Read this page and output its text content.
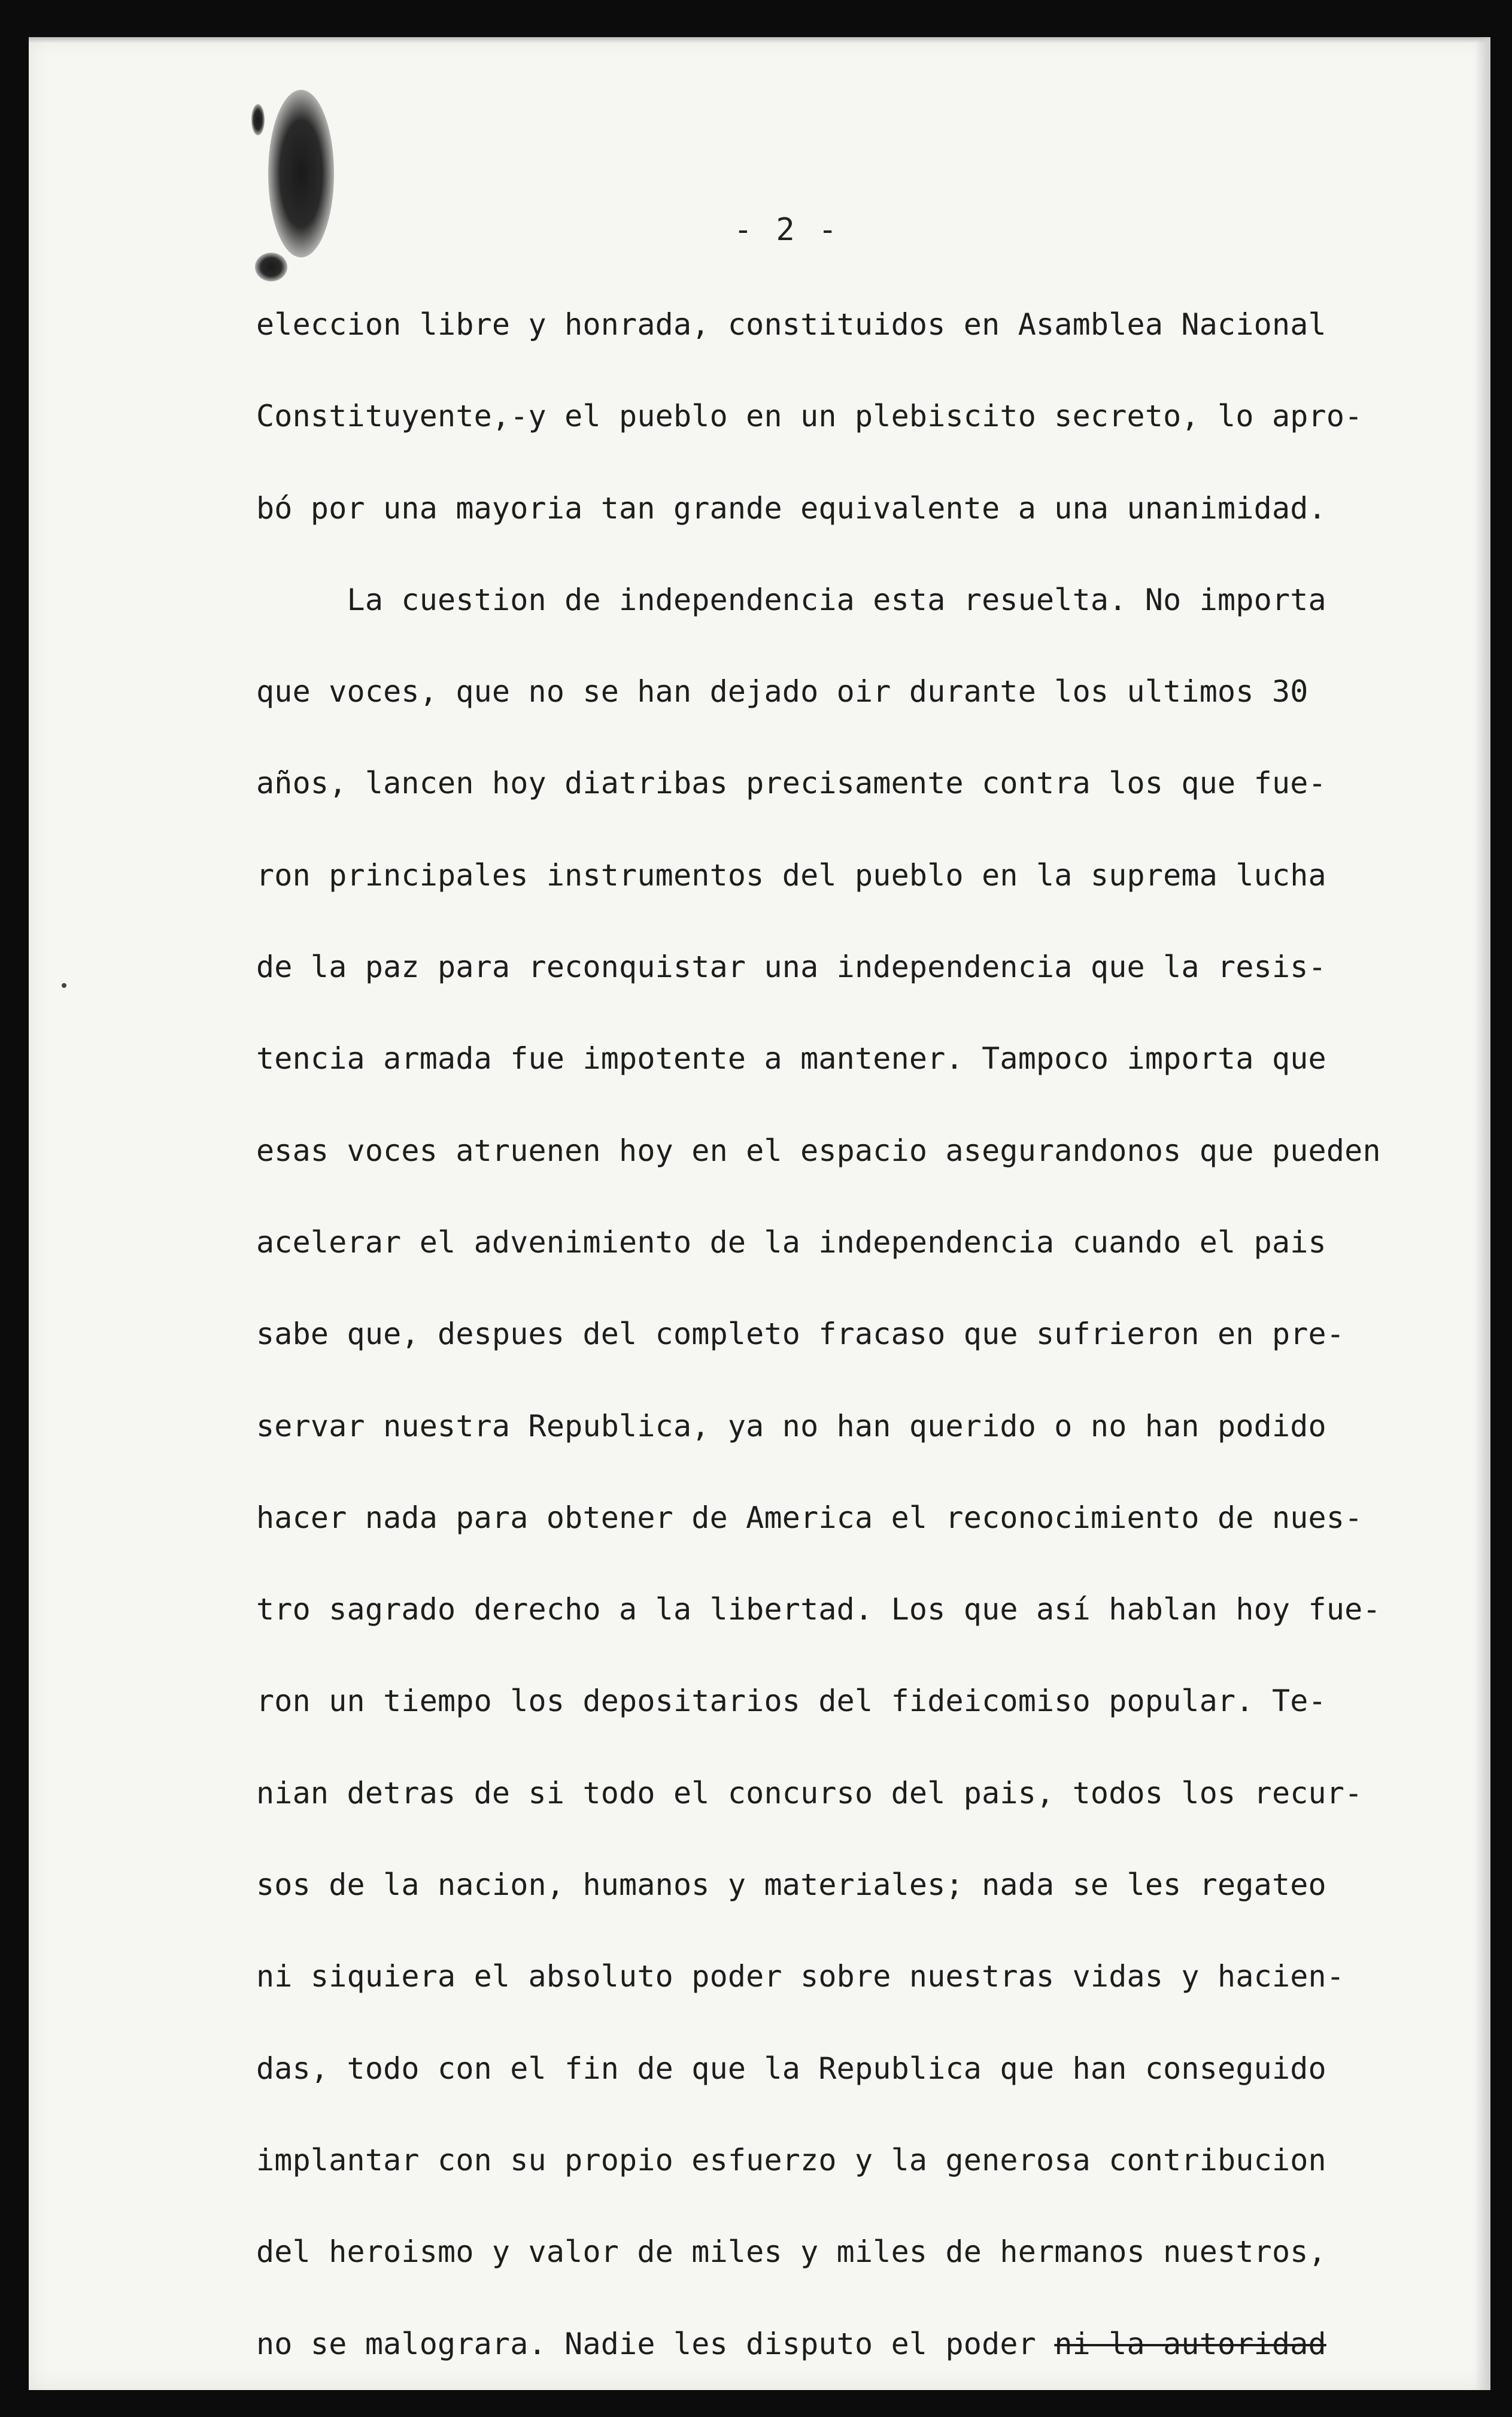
- 2 -
eleccion libre y honrada, constituidos en Asamblea Nacional
Constituyente,-y el pueblo en un plebiscito secreto, lo apro-
bó por una mayoria tan grande equivalente a una unanimidad.
La cuestion de independencia esta resuelta. No importa
que voces, que no se han dejado oir durante los ultimos 30
años, lancen hoy diatribas precisamente contra los que fue-
ron principales instrumentos del pueblo en la suprema lucha
de la paz para reconquistar una independencia que la resis-
tencia armada fue impotente a mantener. Tampoco importa que
esas voces atruenen hoy en el espacio asegurandonos que pueden
acelerar el advenimiento de la independencia cuando el pais
sabe que, despues del completo fracaso que sufrieron en pre-
servar nuestra Republica, ya no han querido o no han podido
hacer nada para obtener de America el reconocimiento de nues-
tro sagrado derecho a la libertad. Los que así hablan hoy fue-
ron un tiempo los depositarios del fideicomiso popular. Te-
nian detras de si todo el concurso del pais, todos los recur-
sos de la nacion, humanos y materiales; nada se les regateo
ni siquiera el absoluto poder sobre nuestras vidas y hacien-
das, todo con el fin de que la Republica que han conseguido
implantar con su propio esfuerzo y la generosa contribucion
del heroismo y valor de miles y miles de hermanos nuestros,
no se malograra. Nadie les disputo el poder ni la autoridad
